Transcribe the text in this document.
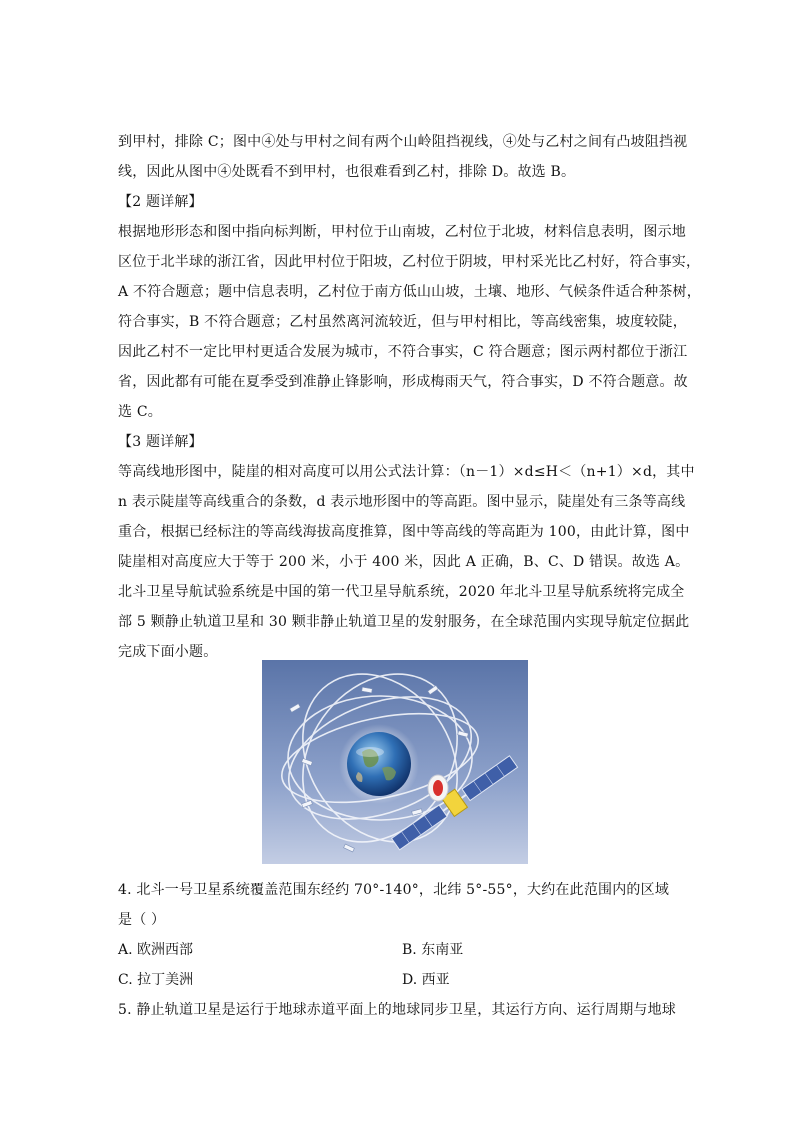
到甲村，排除 C；图中④处与甲村之间有两个山岭阻挡视线，④处与乙村之间有凸坡阻挡视
线，因此从图中④处既看不到甲村，也很难看到乙村，排除 D。故选 B。
【2 题详解】
根据地形形态和图中指向标判断，甲村位于山南坡，乙村位于北坡，材料信息表明，图示地
区位于北半球的浙江省，因此甲村位于阳坡，乙村位于阴坡，甲村采光比乙村好，符合事实，
A 不符合题意；题中信息表明，乙村位于南方低山山坡，土壤、地形、气候条件适合种茶树，
符合事实，B 不符合题意；乙村虽然离河流较近，但与甲村相比，等高线密集，坡度较陡，
因此乙村不一定比甲村更适合发展为城市，不符合事实，C 符合题意；图示两村都位于浙江
省，因此都有可能在夏季受到准静止锋影响，形成梅雨天气，符合事实，D 不符合题意。故
选 C。
【3 题详解】
等高线地形图中，陡崖的相对高度可以用公式法计算：（n－1）×d≤H＜（n+1）×d，其中
n 表示陡崖等高线重合的条数，d 表示地形图中的等高距。图中显示，陡崖处有三条等高线
重合，根据已经标注的等高线海拔高度推算，图中等高线的等高距为 100，由此计算，图中
陡崖相对高度应大于等于 200 米，小于 400 米，因此 A 正确，B、C、D 错误。故选 A。
北斗卫星导航试验系统是中国的第一代卫星导航系统，2020 年北斗卫星导航系统将完成全
部 5 颗静止轨道卫星和 30 颗非静止轨道卫星的发射服务，在全球范围内实现导航定位据此
完成下面小题。
4. 北斗一号卫星系统覆盖范围东经约 70°-140°，北纬 5°-55°，大约在此范围内的区域
是（ ）
A. 欧洲西部	B. 东南亚
C. 拉丁美洲	D. 西亚
5. 静止轨道卫星是运行于地球赤道平面上的地球同步卫星，其运行方向、运行周期与地球
